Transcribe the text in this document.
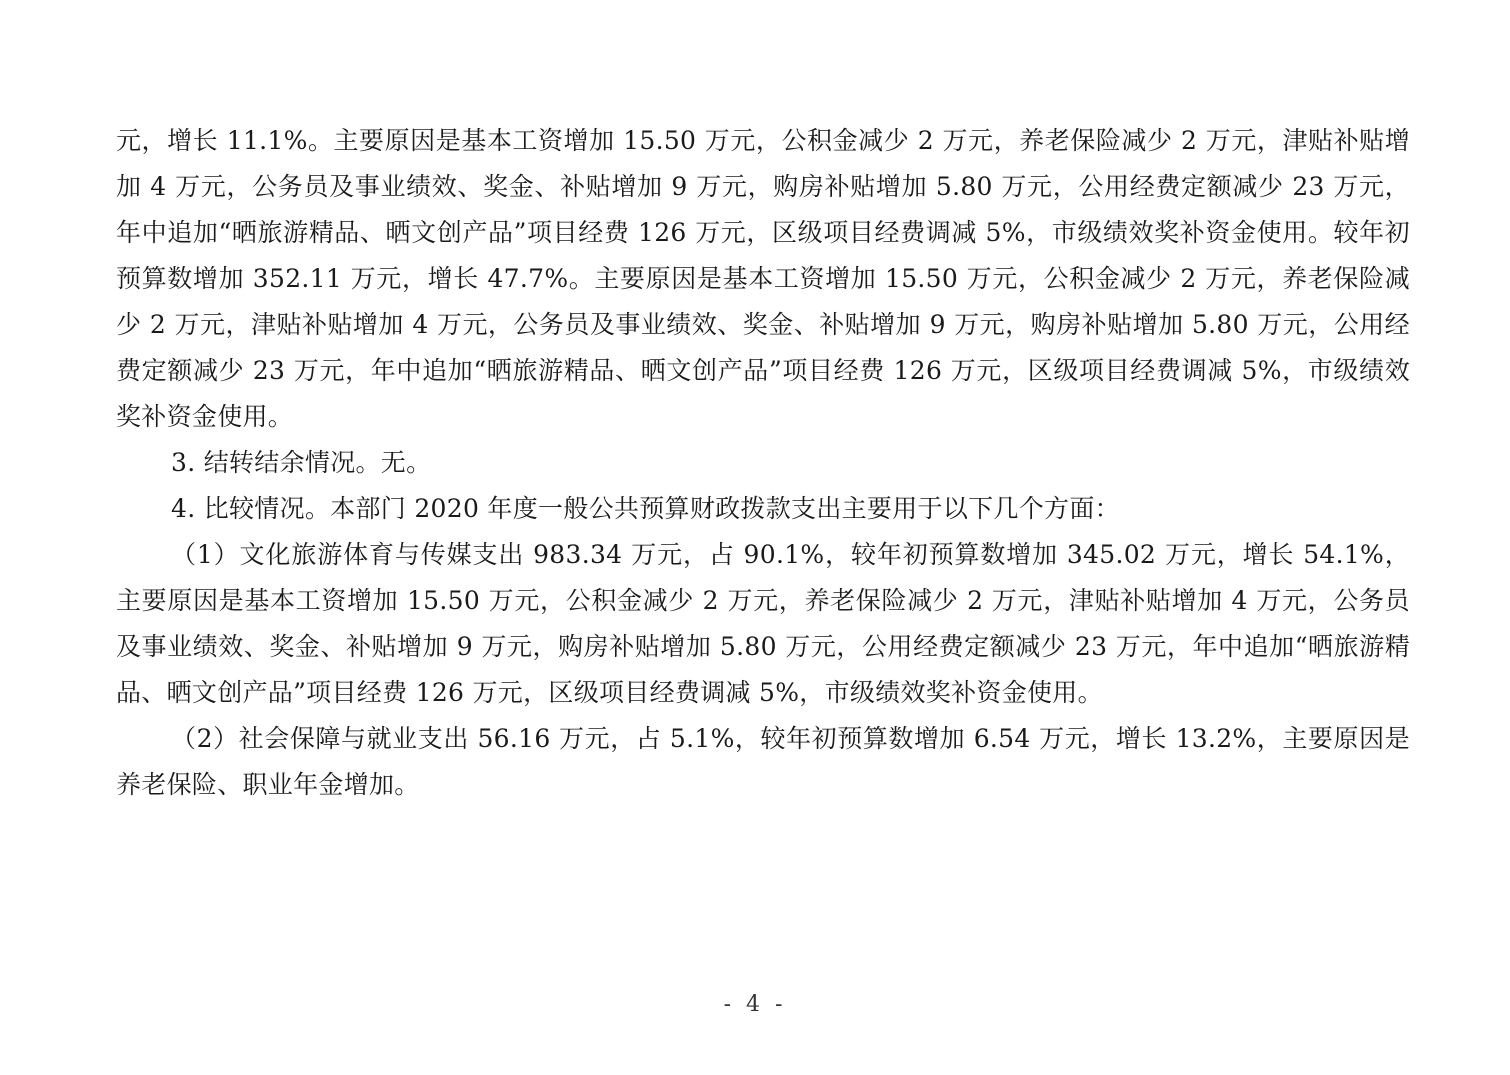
元，增长 11.1%。主要原因是基本工资增加 15.50 万元，公积金减少 2 万元，养老保险减少 2 万元，津贴补贴增加 4 万元，公务员及事业绩效、奖金、补贴增加 9 万元，购房补贴增加 5.80 万元，公用经费定额减少 23 万元，年中追加“晒旅游精品、晒文创产品”项目经费 126 万元，区级项目经费调减 5%，市级绩效奖补资金使用。较年初预算数增加 352.11 万元，增长 47.7%。主要原因是基本工资增加 15.50 万元，公积金减少 2 万元，养老保险减少 2 万元，津贴补贴增加 4 万元，公务员及事业绩效、奖金、补贴增加 9 万元，购房补贴增加 5.80 万元，公用经费定额减少 23 万元，年中追加“晒旅游精品、晒文创产品”项目经费 126 万元，区级项目经费调减 5%，市级绩效奖补资金使用。

3. 结转结余情况。无。

4. 比较情况。本部门 2020 年度一般公共预算财政拨款支出主要用于以下几个方面：

（1）文化旅游体育与传媒支出 983.34 万元，占 90.1%，较年初预算数增加 345.02 万元，增长 54.1%，主要原因是基本工资增加 15.50 万元，公积金减少 2 万元，养老保险减少 2 万元，津贴补贴增加 4 万元，公务员及事业绩效、奖金、补贴增加 9 万元，购房补贴增加 5.80 万元，公用经费定额减少 23 万元，年中追加“晒旅游精品、晒文创产品”项目经费 126 万元，区级项目经费调减 5%，市级绩效奖补资金使用。

（2）社会保障与就业支出 56.16 万元，占 5.1%，较年初预算数增加 6.54 万元，增长 13.2%，主要原因是养老保险、职业年金增加。

- 4 -
